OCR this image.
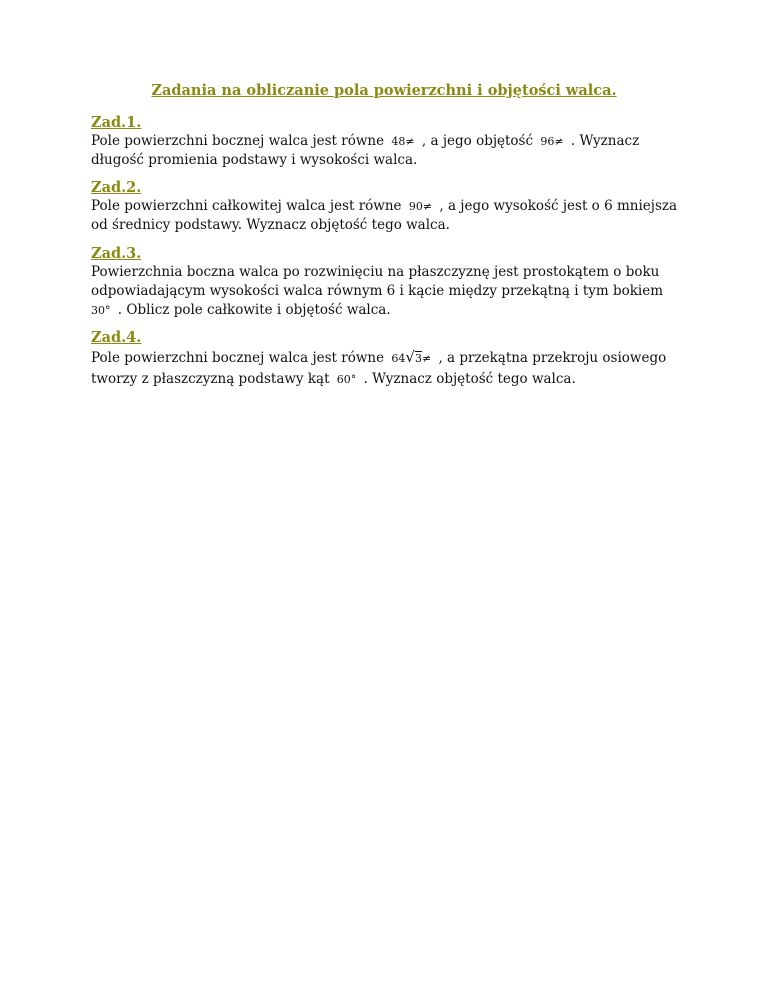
Zadania na obliczanie pola powierzchni i objętości walca.
Zad.1.
Pole powierzchni bocznej walca jest równe 48≠ , a jego objętość 96≠ . Wyznacz
długość promienia podstawy i wysokości walca.
Zad.2.
Pole powierzchni całkowitej walca jest równe 90≠ , a jego wysokość jest o 6 mniejsza
od średnicy podstawy. Wyznacz objętość tego walca.
Zad.3.
Powierzchnia boczna walca po rozwinięciu na płaszczyznę jest prostokątem o boku
odpowiadającym wysokości walca równym 6 i kącie między przekątną i tym bokiem
30° . Oblicz pole całkowite i objętość walca.
Zad.4.
Pole powierzchni bocznej walca jest równe 64√3≠ , a przekątna przekroju osiowego
tworzy z płaszczyzną podstawy kąt 60° . Wyznacz objętość tego walca.
